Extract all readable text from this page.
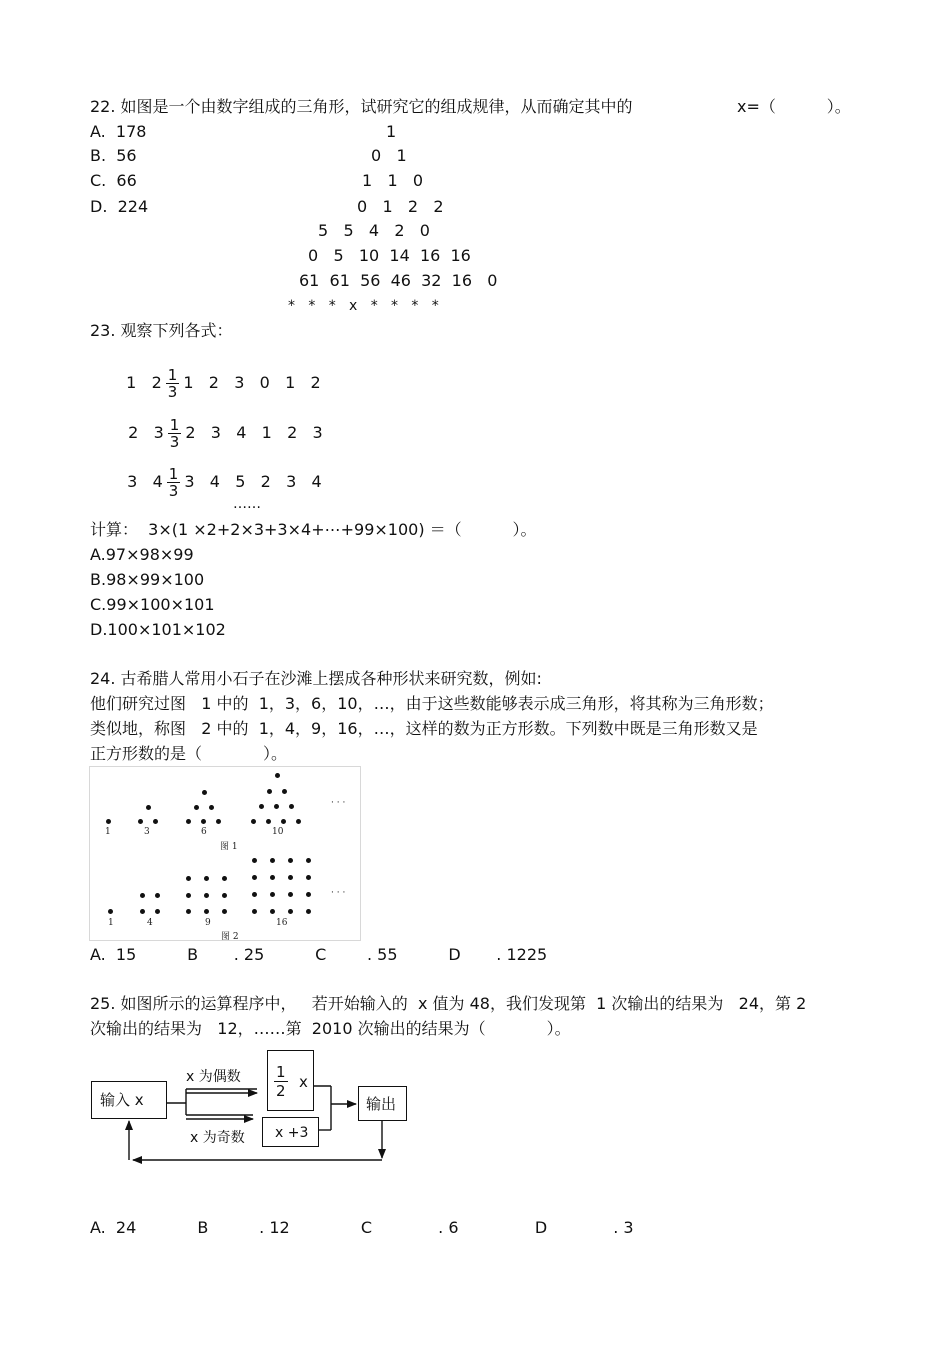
22. 如图是一个由数字组成的三角形，试研究它的组成规律，从而确定其中的	x=（          ）。
A.  178
B.  56
C.  66
D.  224
1
0   1
1   1   0
0   1   2   2
5   5   4   2   0
0   5   10  14  16  16
61  61  56  46  32  16   0
*   *   *   x   *   *   *   *
23. 观察下列各式：

1   $2 \frac{1}{3} 1$   2   3   0   1   2

2   $3 \frac{1}{3} 2$   3   4   1   2   3

3   $4 \frac{1}{3} 3$   4   5   2   3   4

……
计算：  3×(1 ×2+2×3+3×4+⋯+99×100) ＝（          ）。
A.97×98×99
B.98×99×100
C.99×100×101
D.100×101×102
24. 古希腊人常用小石子在沙滩上摆成各种形状来研究数，例如:
他们研究过图   1 中的  1，3，6，10，…，由于这些数能够表示成三角形，将其称为三角形数；
类似地，称图   2 中的  1，4，9，16，…，这样的数为正方形数。下列数中既是三角形数又是
正方形数的是（            ）。
· · ·
1	3	6	10
图 1
· · ·
1	4	9	16
图 2
A.  15          B       . 25          C        . 55          D       . 1225
25. 如图所示的运算程序中，   若开始输入的  x 值为 48，我们发现第  1 次输出的结果为   24，第 2
次输出的结果为   12，……第  2010 次输出的结果为（            ）。
输入 x
x 为偶数
x 为奇数
$\frac{1}{2}$ x
x +3
输出
A.  24            B          . 12              C             . 6               D             . 3
